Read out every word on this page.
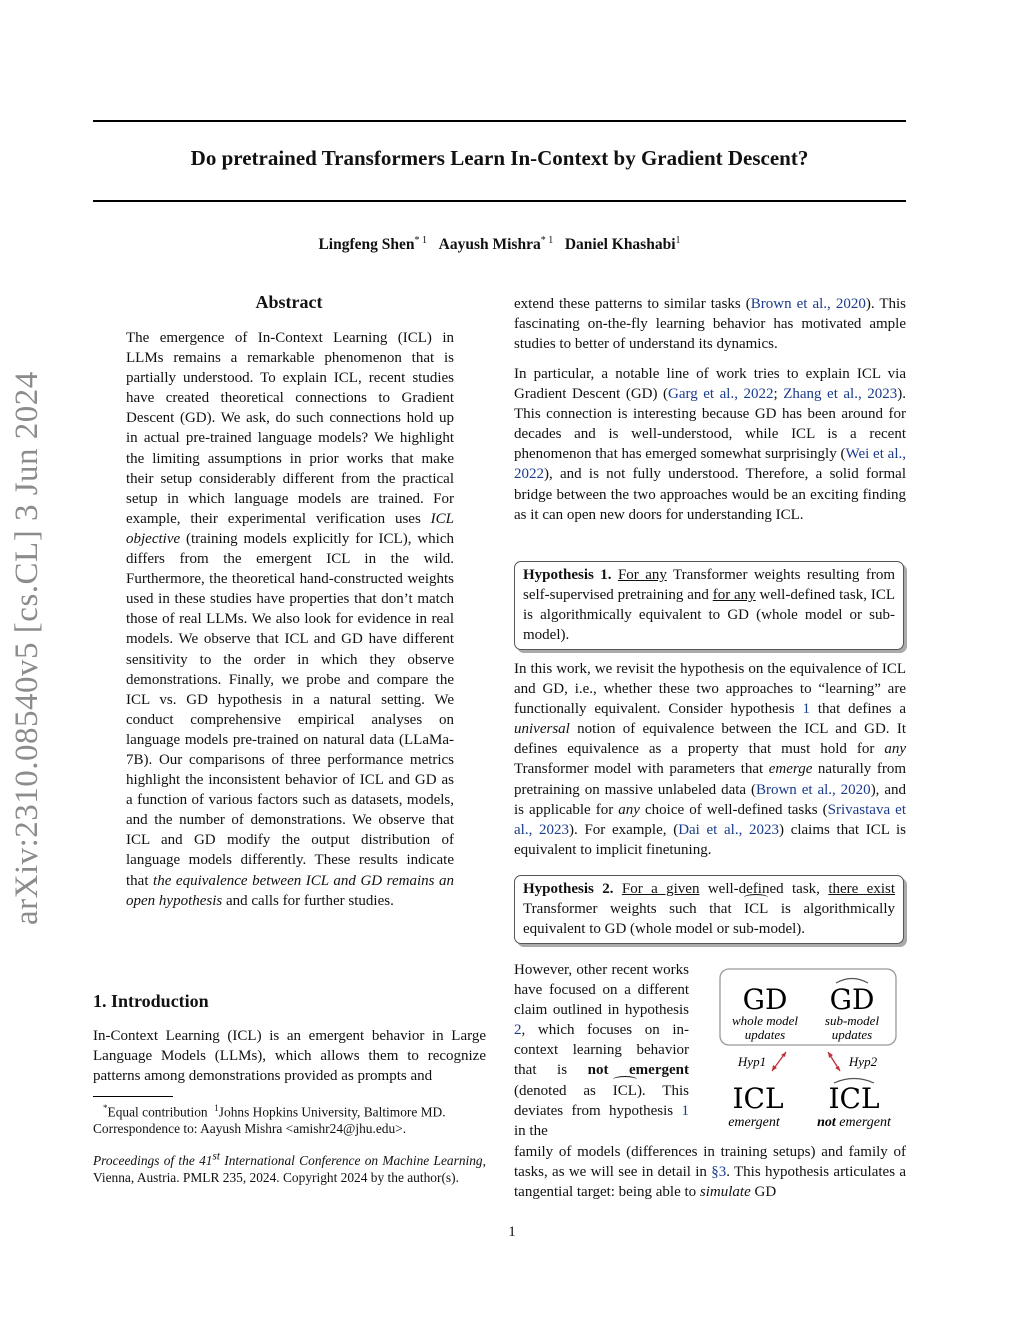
Do pretrained Transformers Learn In-Context by Gradient Descent?
Lingfeng Shen$^{* 1}$ Aayush Mishra$^{* 1}$ Daniel Khashabi$^1$
arXiv:2310.08540v5 [cs.CL] 3 Jun 2024
Abstract
The emergence of In-Context Learning (ICL) in LLMs remains a remarkable phenomenon that is partially understood. To explain ICL, recent studies have created theoretical connections to Gradient Descent (GD). We ask, do such connections hold up in actual pre-trained language models? We highlight the limiting assumptions in prior works that make their setup considerably different from the practical setup in which language models are trained. For example, their experimental verification uses ICL objective (training models explicitly for ICL), which differs from the emergent ICL in the wild. Furthermore, the theoretical hand-constructed weights used in these studies have properties that don’t match those of real LLMs. We also look for evidence in real models. We observe that ICL and GD have different sensitivity to the order in which they observe demonstrations. Finally, we probe and compare the ICL vs. GD hypothesis in a natural setting. We conduct comprehensive empirical analyses on language models pre-trained on natural data (LLaMa-7B). Our comparisons of three performance metrics highlight the inconsistent behavior of ICL and GD as a function of various factors such as datasets, models, and the number of demonstrations. We observe that ICL and GD modify the output distribution of language models differently. These results indicate that the equivalence between ICL and GD remains an open hypothesis and calls for further studies.
1. Introduction
In-Context Learning (ICL) is an emergent behavior in Large Language Models (LLMs), which allows them to recognize patterns among demonstrations provided as prompts and
*Equal contribution $^1$Johns Hopkins University, Baltimore MD. Correspondence to: Aayush Mishra <amishr24@jhu.edu>.
Proceedings of the 41st International Conference on Machine Learning, Vienna, Austria. PMLR 235, 2024. Copyright 2024 by the author(s).
extend these patterns to similar tasks (Brown et al., 2020). This fascinating on-the-fly learning behavior has motivated ample studies to better of understand its dynamics.
In particular, a notable line of work tries to explain ICL via Gradient Descent (GD) (Garg et al., 2022; Zhang et al., 2023). This connection is interesting because GD has been around for decades and is well-understood, while ICL is a recent phenomenon that has emerged somewhat surprisingly (Wei et al., 2022), and is not fully understood. Therefore, a solid formal bridge between the two approaches would be an exciting finding as it can open new doors for understanding ICL.
Hypothesis 1. For any Transformer weights resulting from self-supervised pretraining and for any well-defined task, ICL is algorithmically equivalent to GD (whole model or sub-model).
In this work, we revisit the hypothesis on the equivalence of ICL and GD, i.e., whether these two approaches to “learning” are functionally equivalent. Consider hypothesis 1 that defines a universal notion of equivalence between the ICL and GD. It defines equivalence as a property that must hold for any Transformer model with parameters that emerge naturally from pretraining on massive unlabeled data (Brown et al., 2020), and is applicable for any choice of well-defined tasks (Srivastava et al., 2023). For example, (Dai et al., 2023) claims that ICL is equivalent to implicit finetuning.
Hypothesis 2. For a given well-defined task, there exist Transformer weights such that ICL is algorithmically equivalent to GD (whole model or sub-model).
However, other recent works have focused on a different claim outlined in hypothesis 2, which focuses on in-context learning behavior that is not emergent (denoted as ICL). This deviates from hypothesis 1 in the
family of models (differences in training setups) and family of tasks, as we will see in detail in §3. This hypothesis articulates a tangential target: being able to simulate GD
GD
whole model
updates
GD
sub-model
updates
Hyp1	Hyp2
ICL
emergent
ICL
not emergent
1
